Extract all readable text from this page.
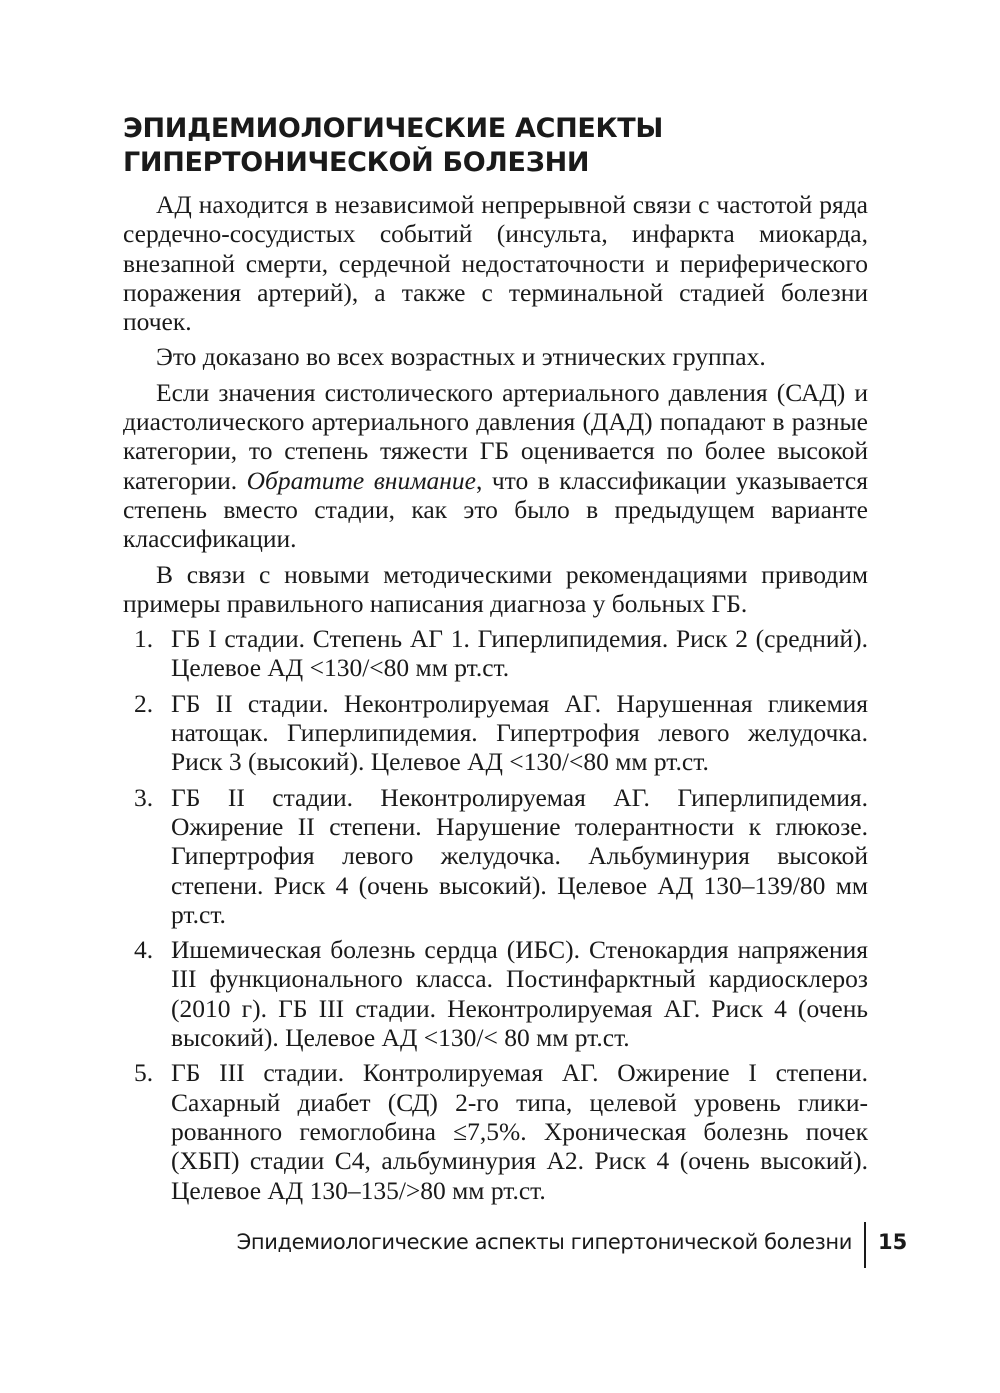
ЭПИДЕМИОЛОГИЧЕСКИЕ АСПЕКТЫ
ГИПЕРТОНИЧЕСКОЙ БОЛЕЗНИ

АД находится в независимой непрерывной связи с частотой ряда сердечно-сосудистых событий (инсульта, инфаркта миокарда, внезапной смерти, сердечной недостаточности и периферического поражения артерий), а также с терминальной стадией болезни почек.

Это доказано во всех возрастных и этнических группах.

Если значения систолического артериального давления (САД) и диастолического артериального давления (ДАД) попадают в разные категории, то степень тяжести ГБ оценивается по более высокой категории. Обратите внимание, что в классификации указывается степень вместо стадии, как это было в предыдущем варианте классификации.

В связи с новыми методическими рекомендациями приводим примеры правильного написания диагноза у больных ГБ.

1. ГБ I стадии. Степень АГ 1. Гиперлипидемия. Риск 2 (средний). Целевое АД <130/<80 мм рт.ст.
2. ГБ II стадии. Неконтролируемая АГ. Нарушенная гликемия натощак. Гиперлипидемия. Гипертрофия левого желудочка. Риск 3 (высокий). Целевое АД <130/<80 мм рт.ст.
3. ГБ II стадии. Неконтролируемая АГ. Гиперлипидемия. Ожирение II степени. Нарушение толерантности к глюкозе. Гипертрофия левого желудочка. Альбуминурия высокой степени. Риск 4 (очень высокий). Целевое АД 130–139/80 мм рт.ст.
4. Ишемическая болезнь сердца (ИБС). Стенокардия напряжения III функционального класса. Постинфарктный кардиосклероз (2010 г). ГБ III стадии. Неконтролируемая АГ. Риск 4 (очень высокий). Целевое АД <130/< 80 мм рт.ст.
5. ГБ III стадии. Контролируемая АГ. Ожирение I степени. Сахарный диабет (СД) 2-го типа, целевой уровень гликированного гемоглобина ≤7,5%. Хроническая болезнь почек (ХБП) стадии С4, альбуминурия А2. Риск 4 (очень высокий). Целевое АД 130–135/>80 мм рт.ст.
Эпидемиологические аспекты гипертонической болезни 15
